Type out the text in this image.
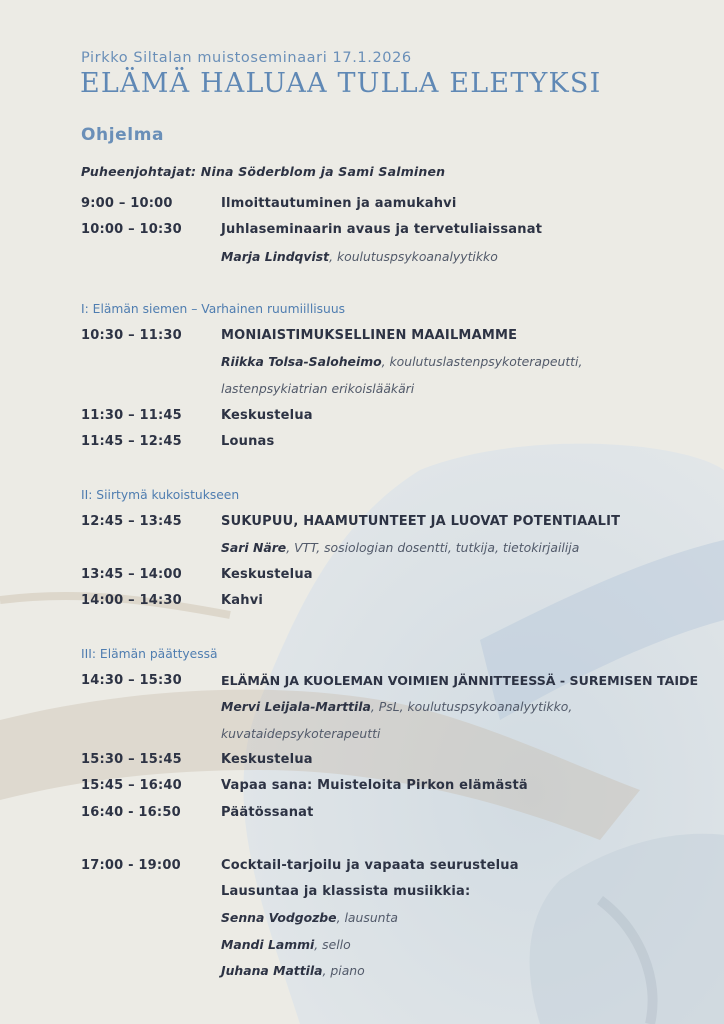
Pirkko Siltalan muistoseminaari 17.1.2026
ELÄMÄ HALUAA TULLA ELETYKSI
Ohjelma
Puheenjohtajat: Nina Söderblom ja Sami Salminen
9:00 – 10:00	Ilmoittautuminen ja aamukahvi
10:00 – 10:30	Juhlaseminaarin avaus ja tervetuliaissanat
Marja Lindqvist, koulutuspsykoanalyytikko
I: Elämän siemen – Varhainen ruumiillisuus
10:30 – 11:30	MONIAISTIMUKSELLINEN MAAILMAMME
Riikka Tolsa-Saloheimo, koulutuslastenpsykoterapeutti,
lastenpsykiatrian erikoislääkäri
11:30 – 11:45	Keskustelua
11:45 – 12:45	Lounas
II: Siirtymä kukoistukseen
12:45 – 13:45	SUKUPUU, HAAMUTUNTEET JA LUOVAT POTENTIAALIT
Sari Näre, VTT, sosiologian dosentti, tutkija, tietokirjailija
13:45 – 14:00	Keskustelua
14:00 – 14:30	Kahvi
III: Elämän päättyessä
14:30 – 15:30	ELÄMÄN JA KUOLEMAN VOIMIEN JÄNNITTEESSÄ - SUREMISEN TAIDE
Mervi Leijala-Marttila, PsL, koulutuspsykoanalyytikko,
kuvataidepsykoterapeutti
15:30 – 15:45	Keskustelua
15:45 – 16:40	Vapaa sana: Muisteloita Pirkon elämästä
16:40 - 16:50	Päätössanat
17:00 - 19:00	Cocktail-tarjoilu ja vapaata seurustelua
Lausuntaa ja klassista musiikkia:
Senna Vodgozbe, lausunta
Mandi Lammi, sello
Juhana Mattila, piano
